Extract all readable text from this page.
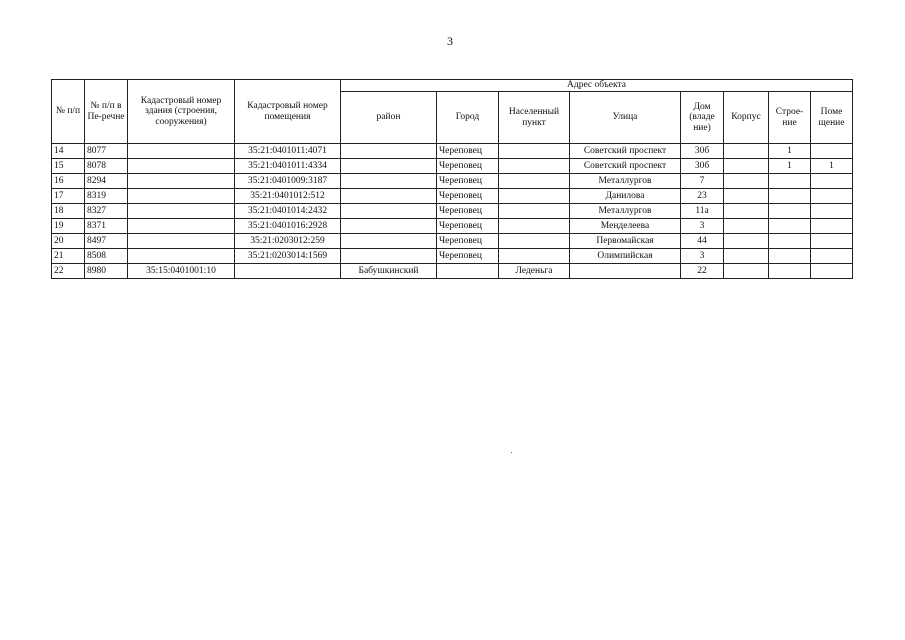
3
№ п/п	№ п/п в Пе-речне	Кадастровый номер здания (строения, сооружения)	Кадастровый номер помещения	Адрес объекта							
				район	Город	Населенный пункт	Улица	Дом (владе ние)	Корпус	Строе-ние	Поме щение
14	8077		35:21:0401011:4071		Череповец		Советский проспект	30б		1	
15	8078		35:21:0401011:4334		Череповец		Советский проспект	30б		1	1
16	8294		35:21:0401009:3187		Череповец		Металлургов	7			
17	8319		35:21:0401012:512		Череповец		Данилова	23			
18	8327		35:21:0401014:2432		Череповец		Металлургов	11а			
19	8371		35:21:0401016:2928		Череповец		Менделеева	3			
20	8497		35:21:0203012:259		Череповец		Первомайская	44			
21	8508		35:21:0203014:1569		Череповец		Олимпийская	3			
22	8980	35:15:0401001:10		Бабушкинский		Леденьга		22			
